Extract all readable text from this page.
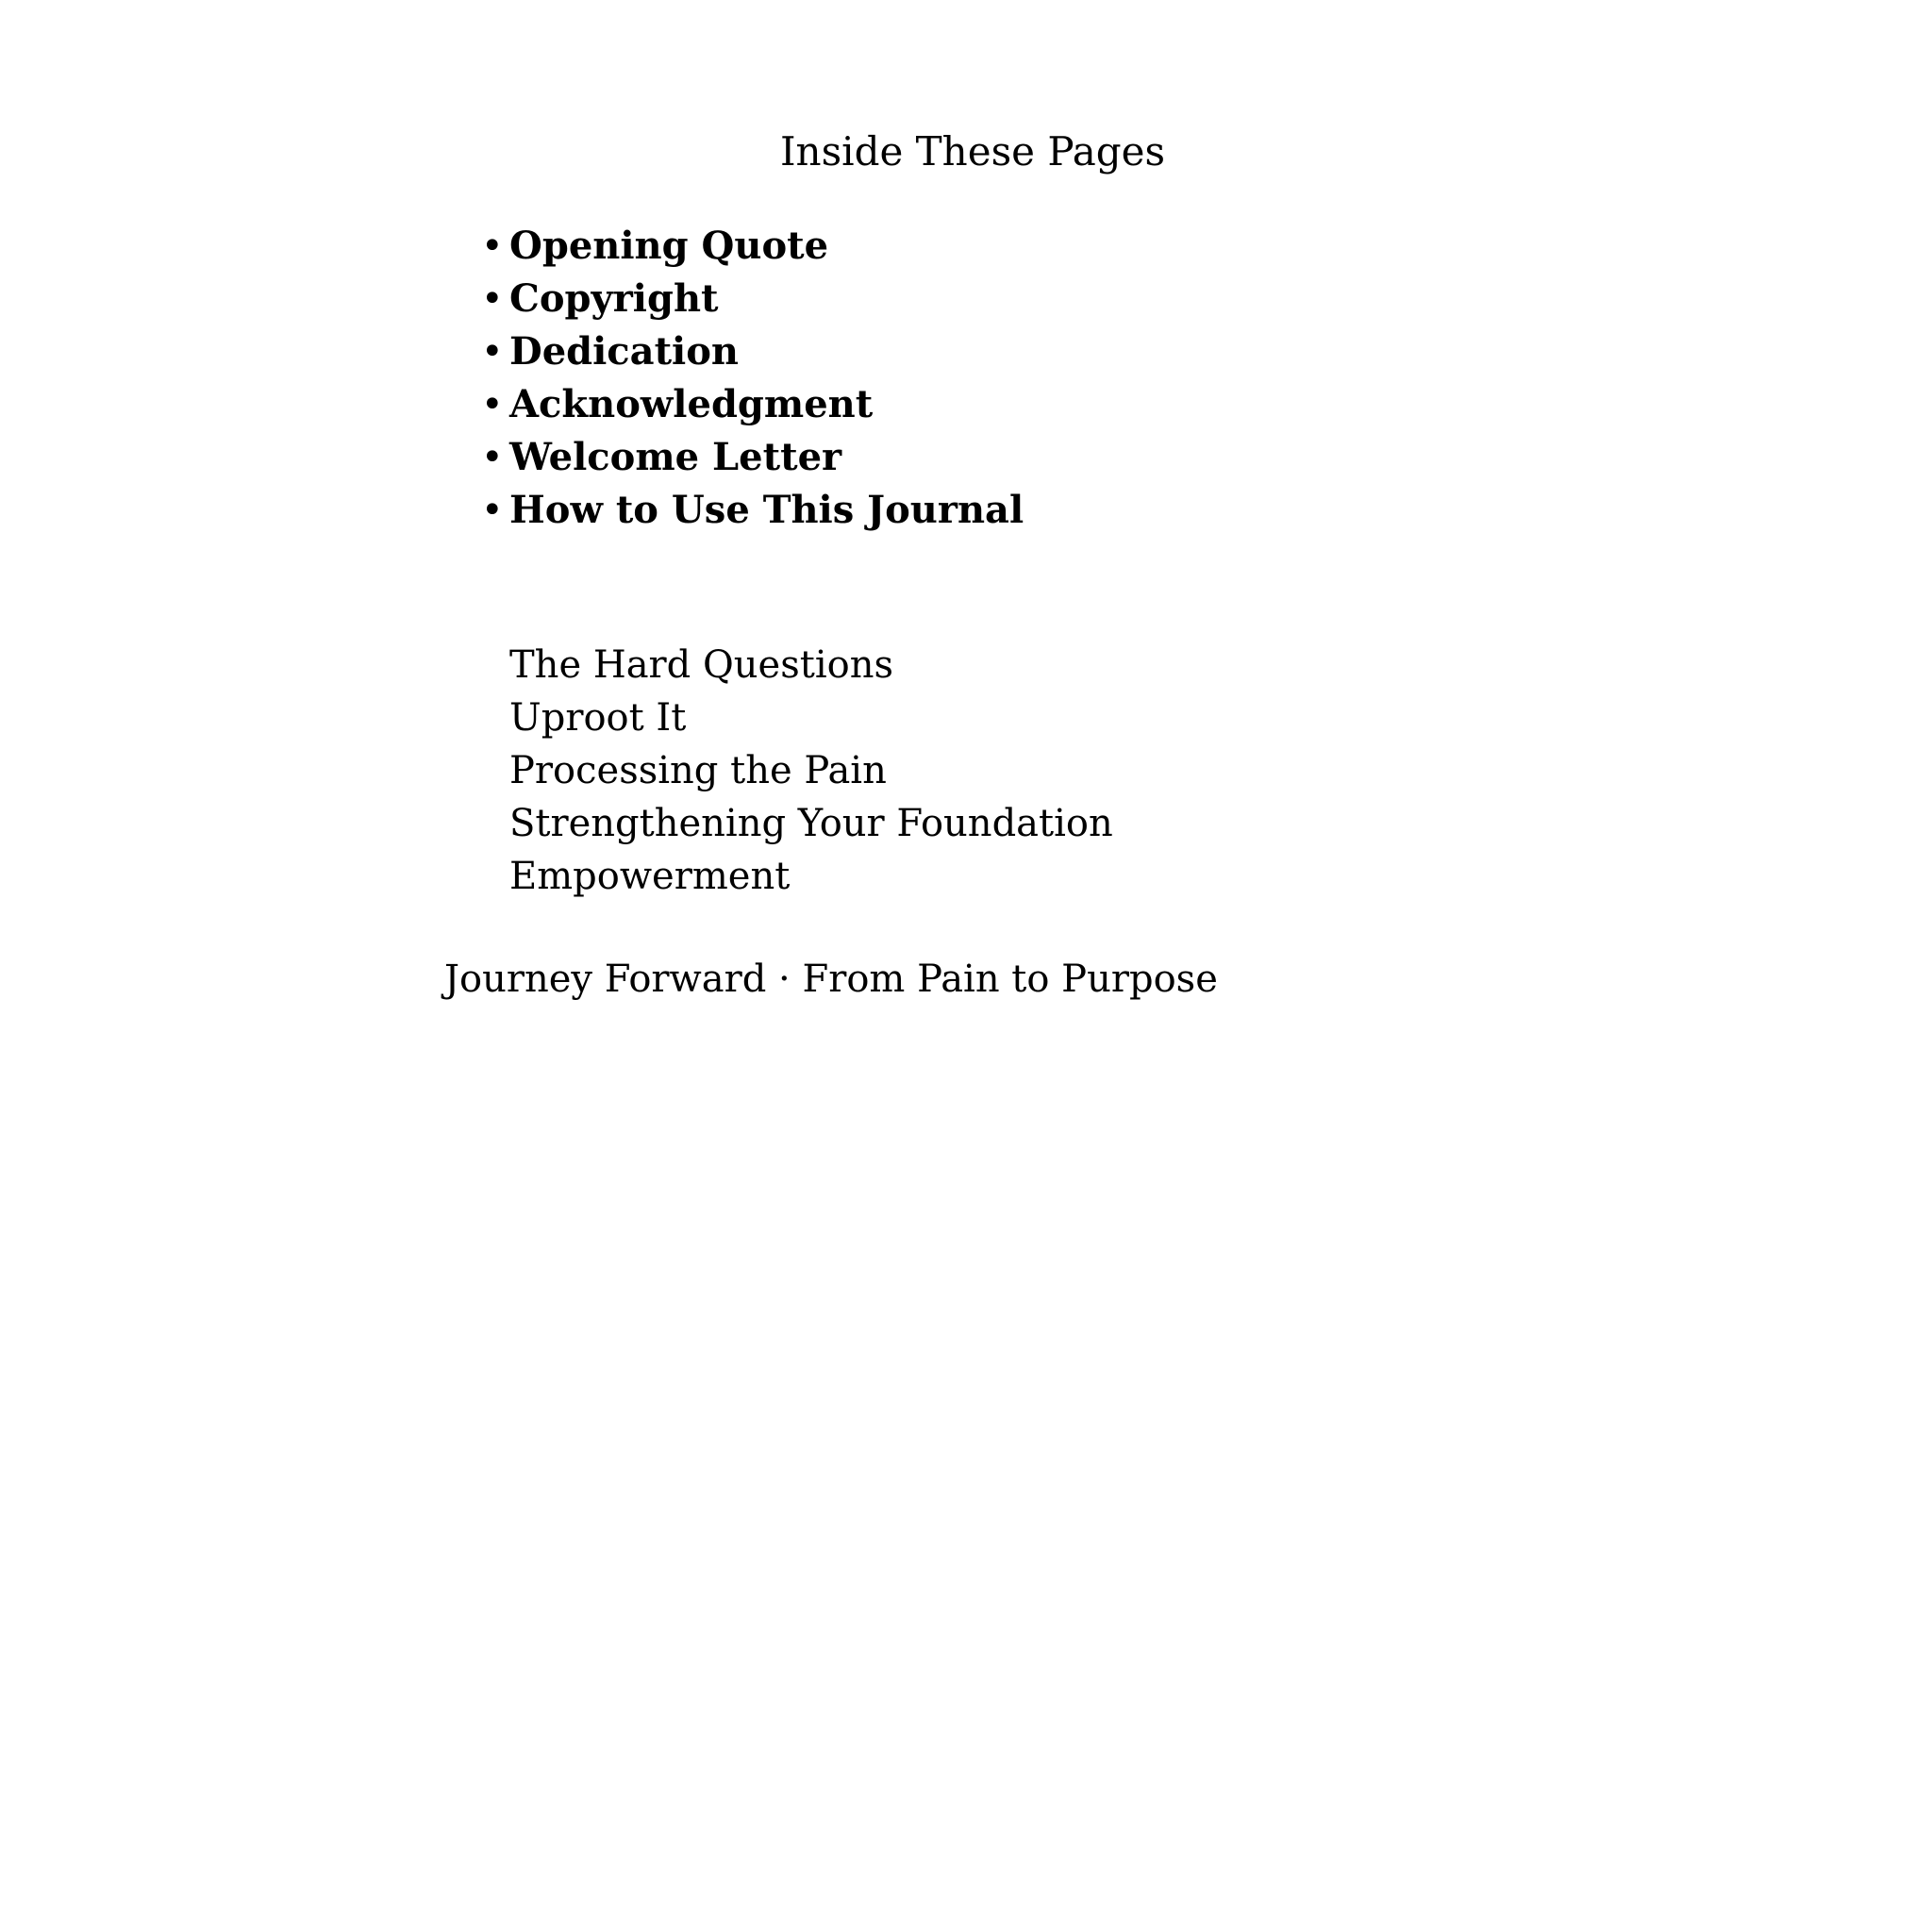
Inside These Pages
• Opening Quote
• Copyright
• Dedication
• Acknowledgment
• Welcome Letter
• How to Use This Journal
The Hard Questions
Uproot It
Processing the Pain
Strengthening Your Foundation
Empowerment

Journey Forward · From Pain to Purpose
